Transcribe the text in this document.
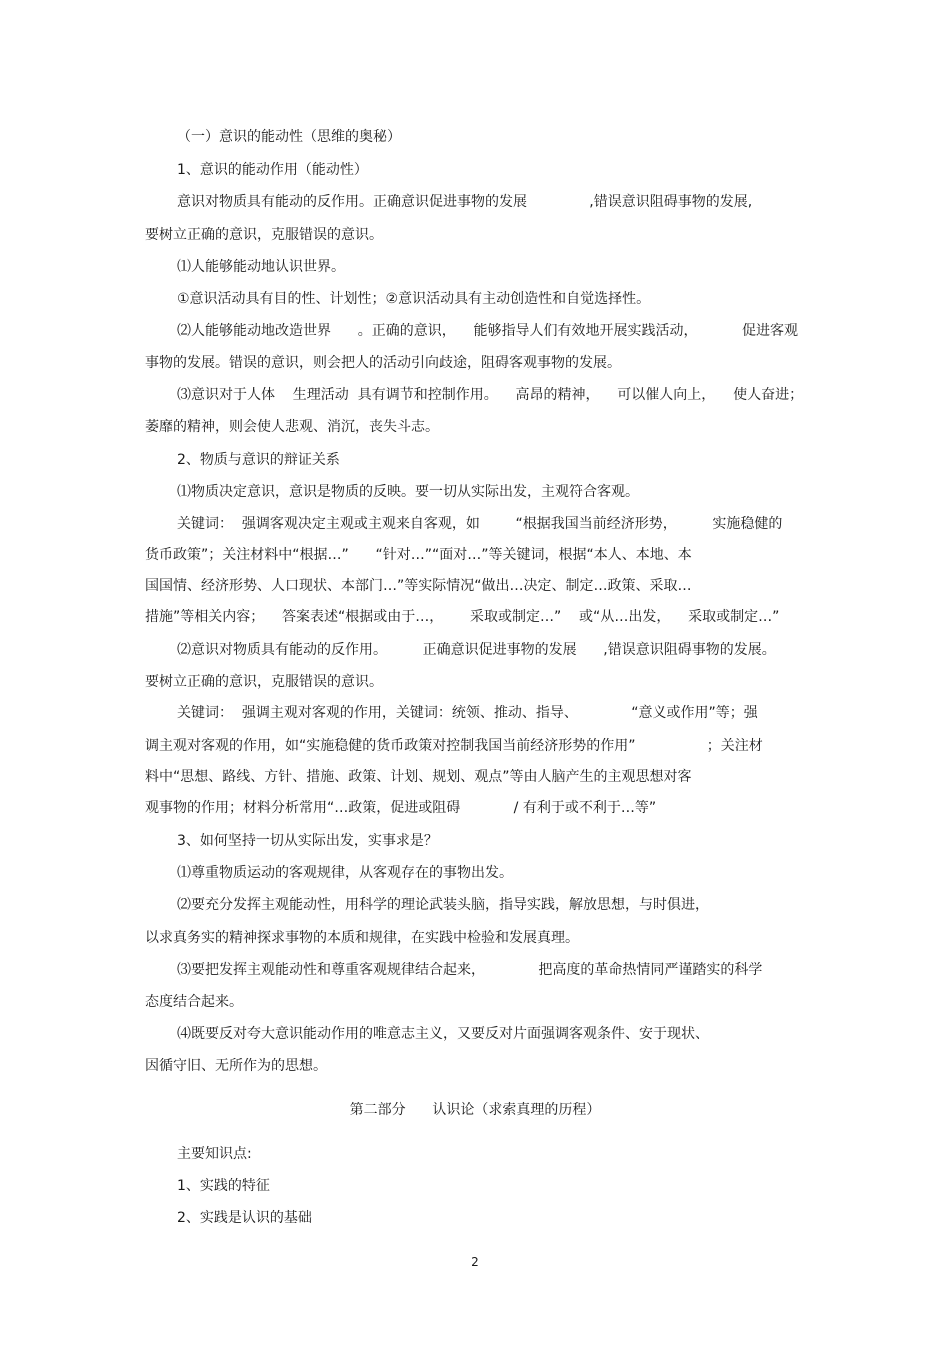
（一）意识的能动性（思维的奥秘）
1、意识的能动作用（能动性）
意识对物质具有能动的反作用。正确意识促进事物的发展              ,错误意识阻碍事物的发展,
要树立正确的意识，克服错误的意识。
⑴人能够能动地认识世界。
①意识活动具有目的性、计划性；②意识活动具有主动创造性和自觉选择性。
⑵人能够能动地改造世界      。正确的意识，    能够指导人们有效地开展实践活动，          促进客观
事物的发展。错误的意识，则会把人的活动引向歧途，阻碍客观事物的发展。
⑶意识对于人体    生理活动  具有调节和控制作用。    高昂的精神，    可以催人向上，    使人奋进；
萎靡的精神，则会使人悲观、消沉，丧失斗志。
2、物质与意识的辩证关系
⑴物质决定意识，意识是物质的反映。要一切从实际出发，主观符合客观。
关键词：  强调客观决定主观或主观来自客观，如        “根据我国当前经济形势，        实施稳健的
货币政策”；关注材料中“根据…”      “针对…”“面对…”等关键词，根据“本人、本地、本
国国情、经济形势、人口现状、本部门…”等实际情况“做出…决定、制定…政策、采取…
措施”等相关内容；    答案表述“根据或由于…，      采取或制定…”    或“从…出发，    采取或制定…”
⑵意识对物质具有能动的反作用。        正确意识促进事物的发展      ,错误意识阻碍事物的发展。
要树立正确的意识，克服错误的意识。
关键词：  强调主观对客观的作用，关键词：统领、推动、指导、            “意义或作用”等；强
调主观对客观的作用，如“实施稳健的货币政策对控制我国当前经济形势的作用”                ；关注材
料中“思想、路线、方针、措施、政策、计划、规划、观点”等由人脑产生的主观思想对客
观事物的作用；材料分析常用“…政策，促进或阻碍            / 有利于或不利于…等”
3、如何坚持一切从实际出发，实事求是？
⑴尊重物质运动的客观规律，从客观存在的事物出发。
⑵要充分发挥主观能动性，用科学的理论武装头脑，指导实践，解放思想，与时俱进，
以求真务实的精神探求事物的本质和规律，在实践中检验和发展真理。
⑶要把发挥主观能动性和尊重客观规律结合起来，            把高度的革命热情同严谨踏实的科学
态度结合起来。
⑷既要反对夸大意识能动作用的唯意志主义，又要反对片面强调客观条件、安于现状、
因循守旧、无所作为的思想。
第二部分      认识论（求索真理的历程）
主要知识点:
1、实践的特征
2、实践是认识的基础
2
